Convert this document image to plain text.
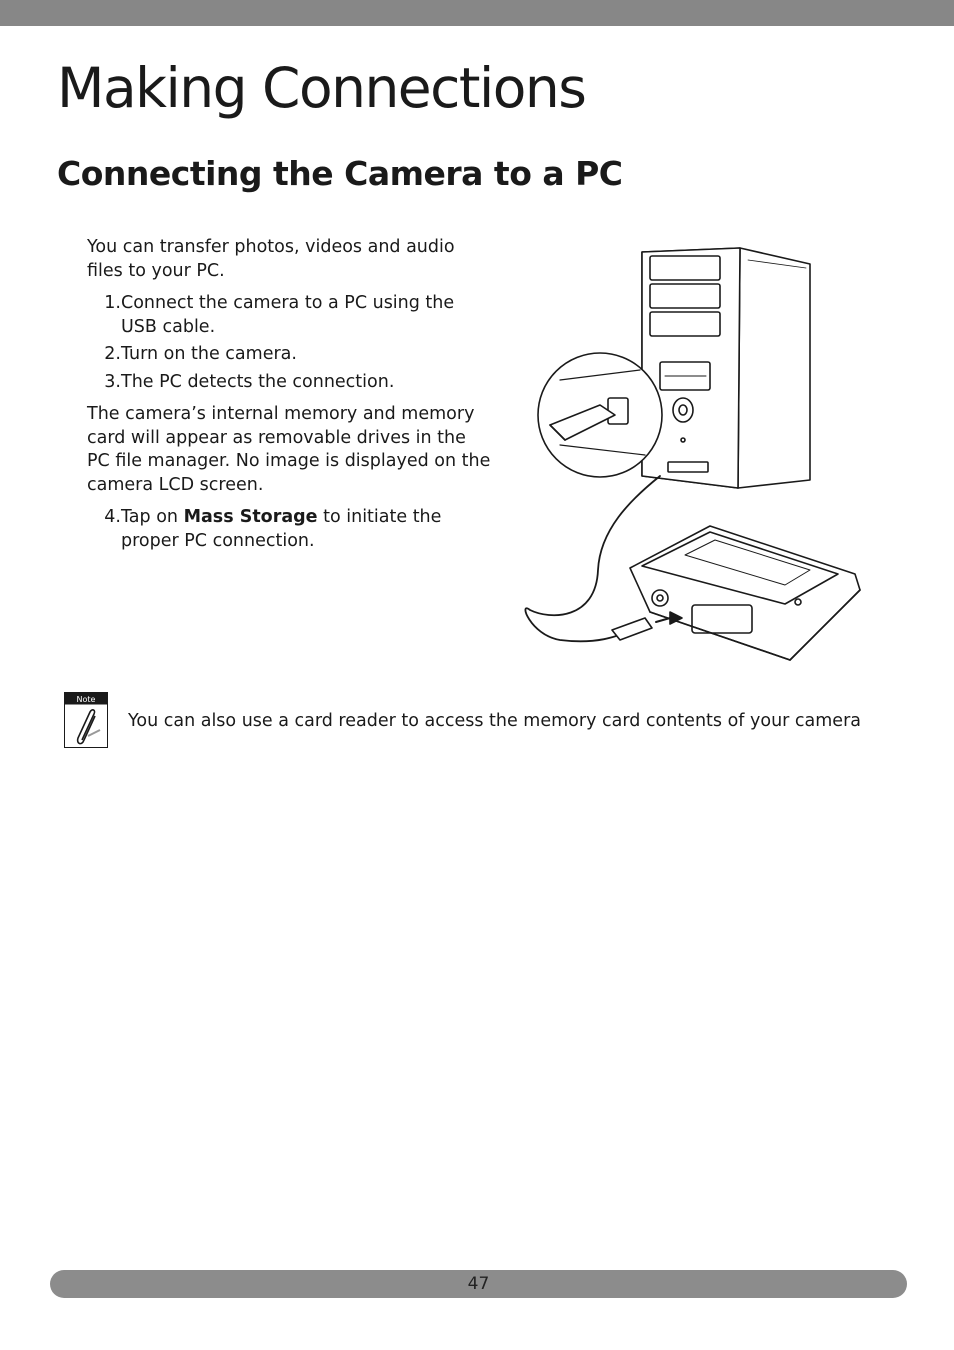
Making Connections
Connecting the Camera to a PC

You can transfer photos, videos and audio files to your PC.

1 . Connect the camera to a PC using the USB cable.
2 . Turn on the camera.
3 . The PC detects the connection.

The camera’s internal memory and memory card will appear as removable drives in the PC file manager. No image is displayed on the camera LCD screen.

4 . Tap on Mass Storage to initiate the proper PC connection.
Note
You can also use a card reader to access the memory card contents of your camera
47
